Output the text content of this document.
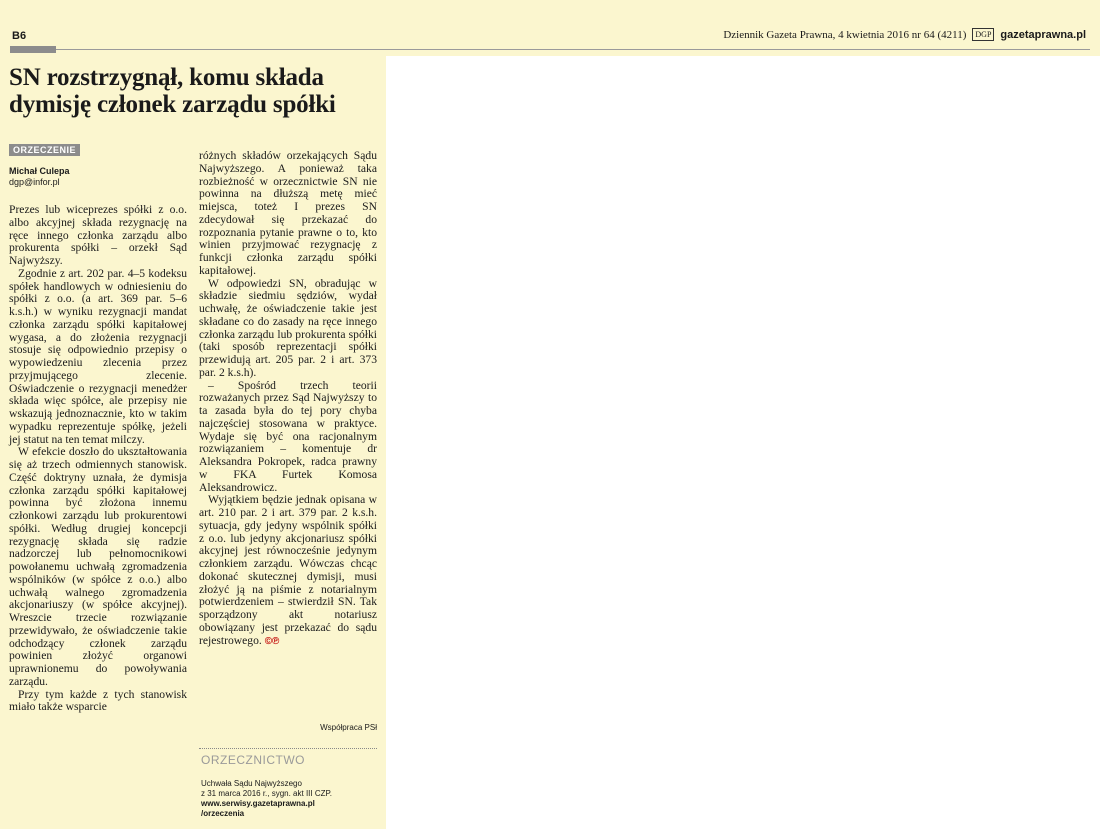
B6	Dziennik Gazeta Prawna, 4 kwietnia 2016 nr 64 (4211)	DGP gazetaprawna.pl
SN rozstrzygnął, komu składa
dymisję członek zarządu spółki
ORZECZENIE
Michał Culepa
dgp@infor.pl

Prezes lub wiceprezes spółki z o.o. albo akcyjnej składa rezygnację na ręce innego członka zarządu albo prokurenta spółki – orzekł Sąd Najwyższy.

Zgodnie z art. 202 par. 4–5 kodeksu spółek handlowych w odniesieniu do spółki z o.o. (a art. 369 par. 5–6 k.s.h.) w wyniku rezygnacji mandat członka zarządu spółki kapitałowej wygasa, a do złożenia rezygnacji stosuje się odpowiednio przepisy o wypowiedzeniu zlecenia przez przyjmującego zlecenie. Oświadczenie o rezygnacji menedżer składa więc spółce, ale przepisy nie wskazują jednoznacznie, kto w takim wypadku reprezentuje spółkę, jeżeli jej statut na ten temat milczy.

W efekcie doszło do ukształtowania się aż trzech odmiennych stanowisk. Część doktryny uznała, że dymisja członka zarządu spółki kapitałowej powinna być złożona innemu członkowi zarządu lub prokurentowi spółki. Według drugiej koncepcji rezygnację składa się radzie nadzorczej lub pełnomocnikowi powołanemu uchwałą zgromadzenia wspólników (w spółce z o.o.) albo uchwałą walnego zgromadzenia akcjonariuszy (w spółce akcyjnej). Wreszcie trzecie rozwiązanie przewidywało, że oświadczenie takie odchodzący członek zarządu powinien złożyć organowi uprawnionemu do powoływania zarządu.

Przy tym każde z tych stanowisk miało także wsparcie

różnych składów orzekających Sądu Najwyższego. A ponieważ taka rozbieżność w orzecznictwie SN nie powinna na dłuższą metę mieć miejsca, toteż I prezes SN zdecydował się przekazać do rozpoznania pytanie prawne o to, kto winien przyjmować rezygnację z funkcji członka zarządu spółki kapitałowej.

W odpowiedzi SN, obradując w składzie siedmiu sędziów, wydał uchwałę, że oświadczenie takie jest składane co do zasady na ręce innego członka zarządu lub prokurenta spółki (taki sposób reprezentacji spółki przewidują art. 205 par. 2 i art. 373 par. 2 k.s.h).

– Spośród trzech teorii rozważanych przez Sąd Najwyższy to ta zasada była do tej pory chyba najczęściej stosowana w praktyce. Wydaje się być ona racjonalnym rozwiązaniem – komentuje dr Aleksandra Pokropek, radca prawny w FKA Furtek Komosa Aleksandrowicz.

Wyjątkiem będzie jednak opisana w art. 210 par. 2 i art. 379 par. 2 k.s.h. sytuacja, gdy jedyny wspólnik spółki z o.o. lub jedyny akcjonariusz spółki akcyjnej jest równocześnie jedynym członkiem zarządu. Wówczas chcąc dokonać skutecznej dymisji, musi złożyć ją na piśmie z notarialnym potwierdzeniem – stwierdził SN. Tak sporządzony akt notariusz obowiązany jest przekazać do sądu rejestrowego. ©℗

Współpraca PSł
ORZECZNICTWO
Uchwała Sądu Najwyższego
z 31 marca 2016 r., sygn. akt III CZP.
www.serwisy.gazetaprawna.pl
/orzeczenia
